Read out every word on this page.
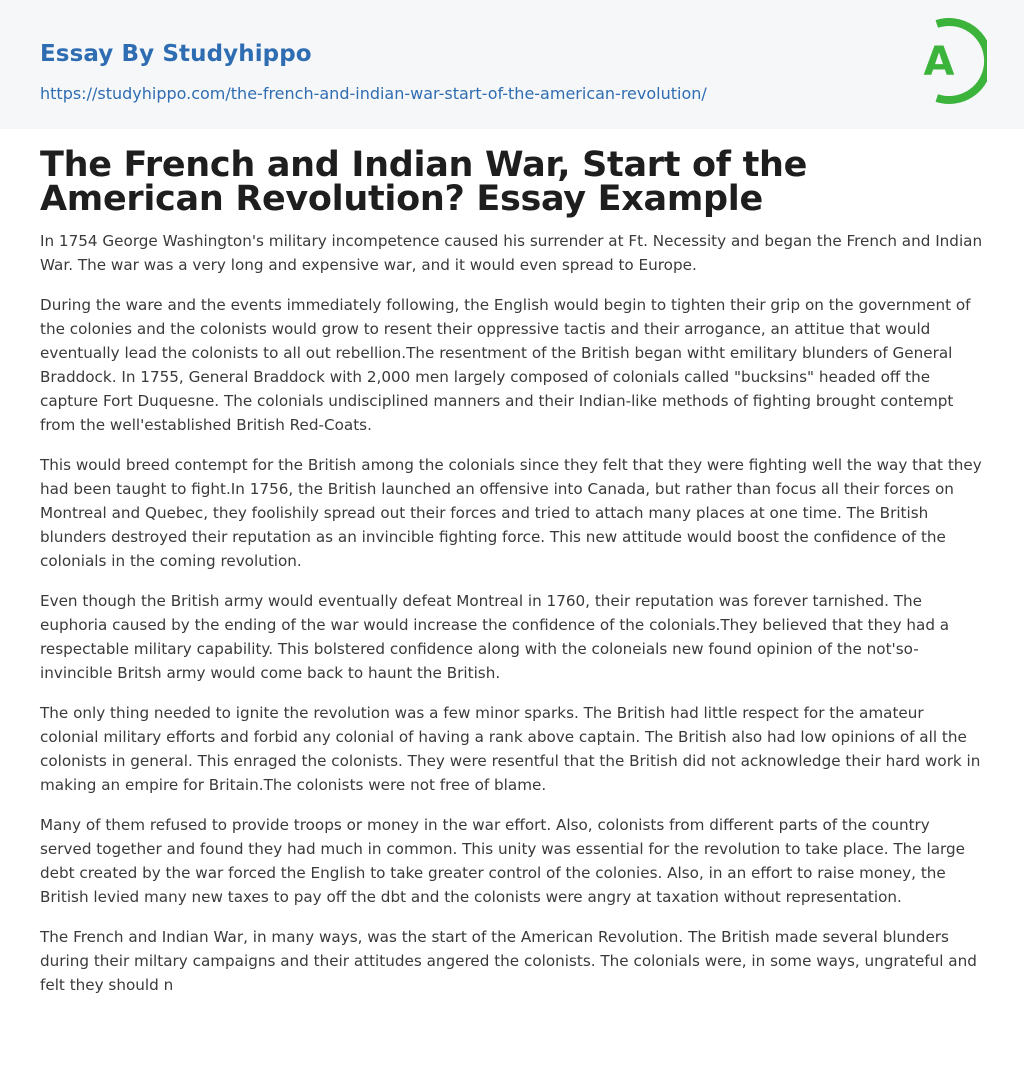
Essay By Studyhippo
https://studyhippo.com/the-french-and-indian-war-start-of-the-american-revolution/
A
The French and Indian War, Start of the American Revolution? Essay Example

In 1754 George Washington's military incompetence caused his surrender at Ft. Necessity and began the French and Indian War. The war was a very long and expensive war, and it would even spread to Europe.

During the ware and the events immediately following, the English would begin to tighten their grip on the government of the colonies and the colonists would grow to resent their oppressive tactis and their arrogance, an attitue that would eventually lead the colonists to all out rebellion.The resentment of the British began witht emilitary blunders of General Braddock. In 1755, General Braddock with 2,000 men largely composed of colonials called "bucksins" headed off the capture Fort Duquesne. The colonials undisciplined manners and their Indian-like methods of fighting brought contempt from the well'established British Red-Coats.

This would breed contempt for the British among the colonials since they felt that they were fighting well the way that they had been taught to fight.In 1756, the British launched an offensive into Canada, but rather than focus all their forces on Montreal and Quebec, they foolishily spread out their forces and tried to attach many places at one time. The British blunders destroyed their reputation as an invincible fighting force. This new attitude would boost the confidence of the colonials in the coming revolution.

Even though the British army would eventually defeat Montreal in 1760, their reputation was forever tarnished. The euphoria caused by the ending of the war would increase the confidence of the colonials.They believed that they had a respectable military capability. This bolstered confidence along with the coloneials new found opinion of the not'so-invincible Britsh army would come back to haunt the British.

The only thing needed to ignite the revolution was a few minor sparks. The British had little respect for the amateur colonial military efforts and forbid any colonial of having a rank above captain. The British also had low opinions of all the colonists in general. This enraged the colonists. They were resentful that the British did not acknowledge their hard work in making an empire for Britain.The colonists were not free of blame.

Many of them refused to provide troops or money in the war effort. Also, colonists from different parts of the country served together and found they had much in common. This unity was essential for the revolution to take place. The large debt created by the war forced the English to take greater control of the colonies. Also, in an effort to raise money, the British levied many new taxes to pay off the dbt and the colonists were angry at taxation without representation.

The French and Indian War, in many ways, was the start of the American Revolution. The British made several blunders during their miltary campaigns and their attitudes angered the colonists. The colonials were, in some ways, ungrateful and felt they should n
